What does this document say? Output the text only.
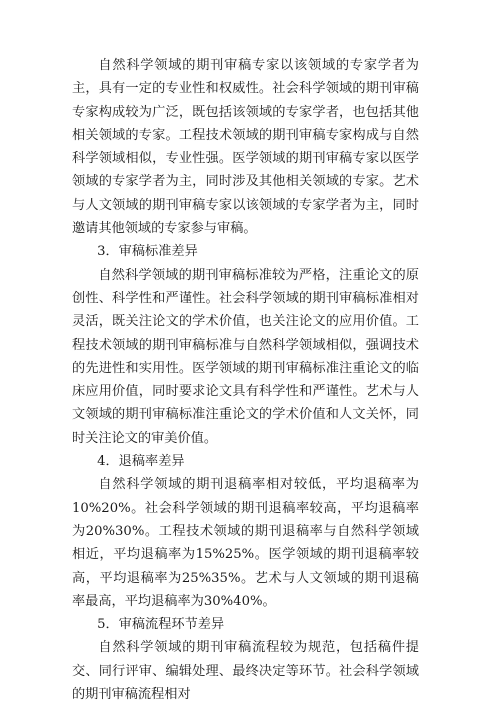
自然科学领域的期刊审稿专家以该领域的专家学者为主，具有一定的专业性和权威性。社会科学领域的期刊审稿专家构成较为广泛，既包括该领域的专家学者，也包括其他相关领域的专家。工程技术领域的期刊审稿专家构成与自然科学领域相似，专业性强。医学领域的期刊审稿专家以医学领域的专家学者为主，同时涉及其他相关领域的专家。艺术与人文领域的期刊审稿专家以该领域的专家学者为主，同时邀请其他领域的专家参与审稿。

3．审稿标准差异

自然科学领域的期刊审稿标准较为严格，注重论文的原创性、科学性和严谨性。社会科学领域的期刊审稿标准相对灵活，既关注论文的学术价值，也关注论文的应用价值。工程技术领域的期刊审稿标准与自然科学领域相似，强调技术的先进性和实用性。医学领域的期刊审稿标准注重论文的临床应用价值，同时要求论文具有科学性和严谨性。艺术与人文领域的期刊审稿标准注重论文的学术价值和人文关怀，同时关注论文的审美价值。

4．退稿率差异

自然科学领域的期刊退稿率相对较低，平均退稿率为10%20%。社会科学领域的期刊退稿率较高，平均退稿率为20%30%。工程技术领域的期刊退稿率与自然科学领域相近，平均退稿率为15%25%。医学领域的期刊退稿率较高，平均退稿率为25%35%。艺术与人文领域的期刊退稿率最高，平均退稿率为30%40%。

5．审稿流程环节差异

自然科学领域的期刊审稿流程较为规范，包括稿件提交、同行评审、编辑处理、最终决定等环节。社会科学领域的期刊审稿流程相对
